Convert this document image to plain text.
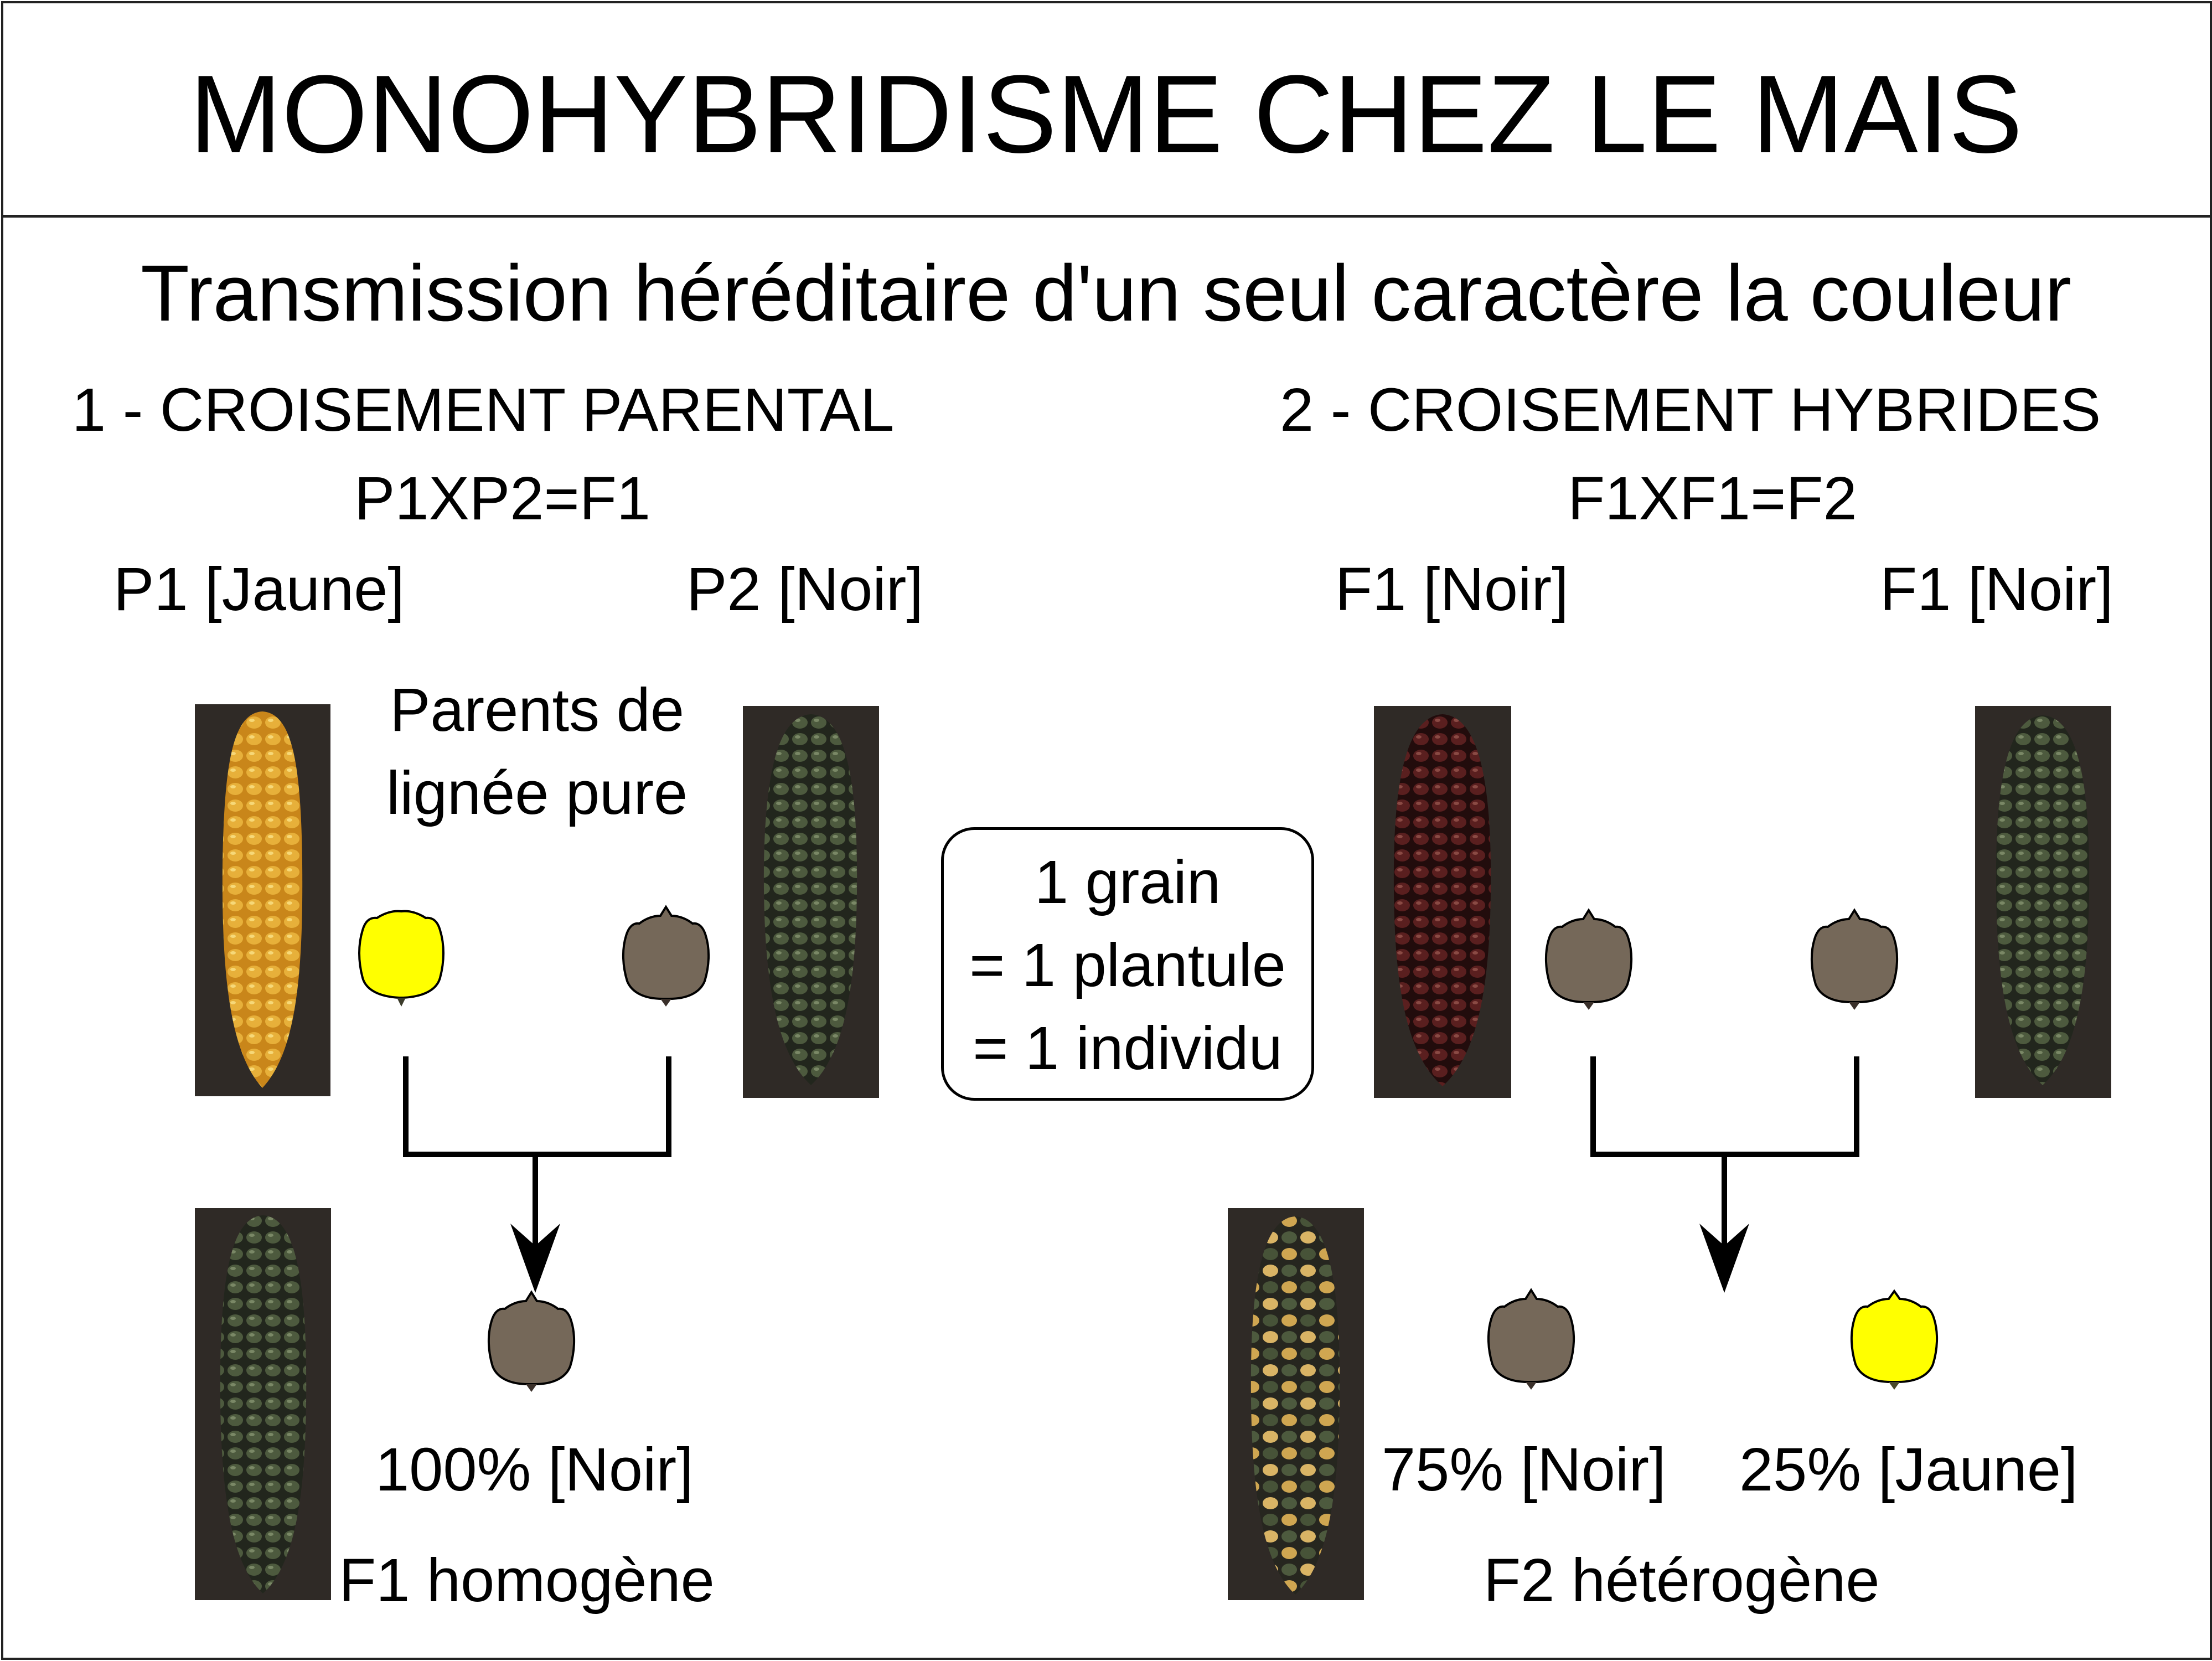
MONOHYBRIDISME CHEZ LE MAIS
Transmission héréditaire d'un seul caractère la couleur
1 - CROISEMENT PARENTAL
P1XP2=F1
P1 [Jaune]	P2 [Noir]
Parents de
lignée pure
100% [Noir]
F1 homogène
2 - CROISEMENT HYBRIDES
F1XF1=F2
F1 [Noir]	F1 [Noir]
75% [Noir] 25% [Jaune]
F2 hétérogène
1 grain
= 1 plantule
= 1 individu
